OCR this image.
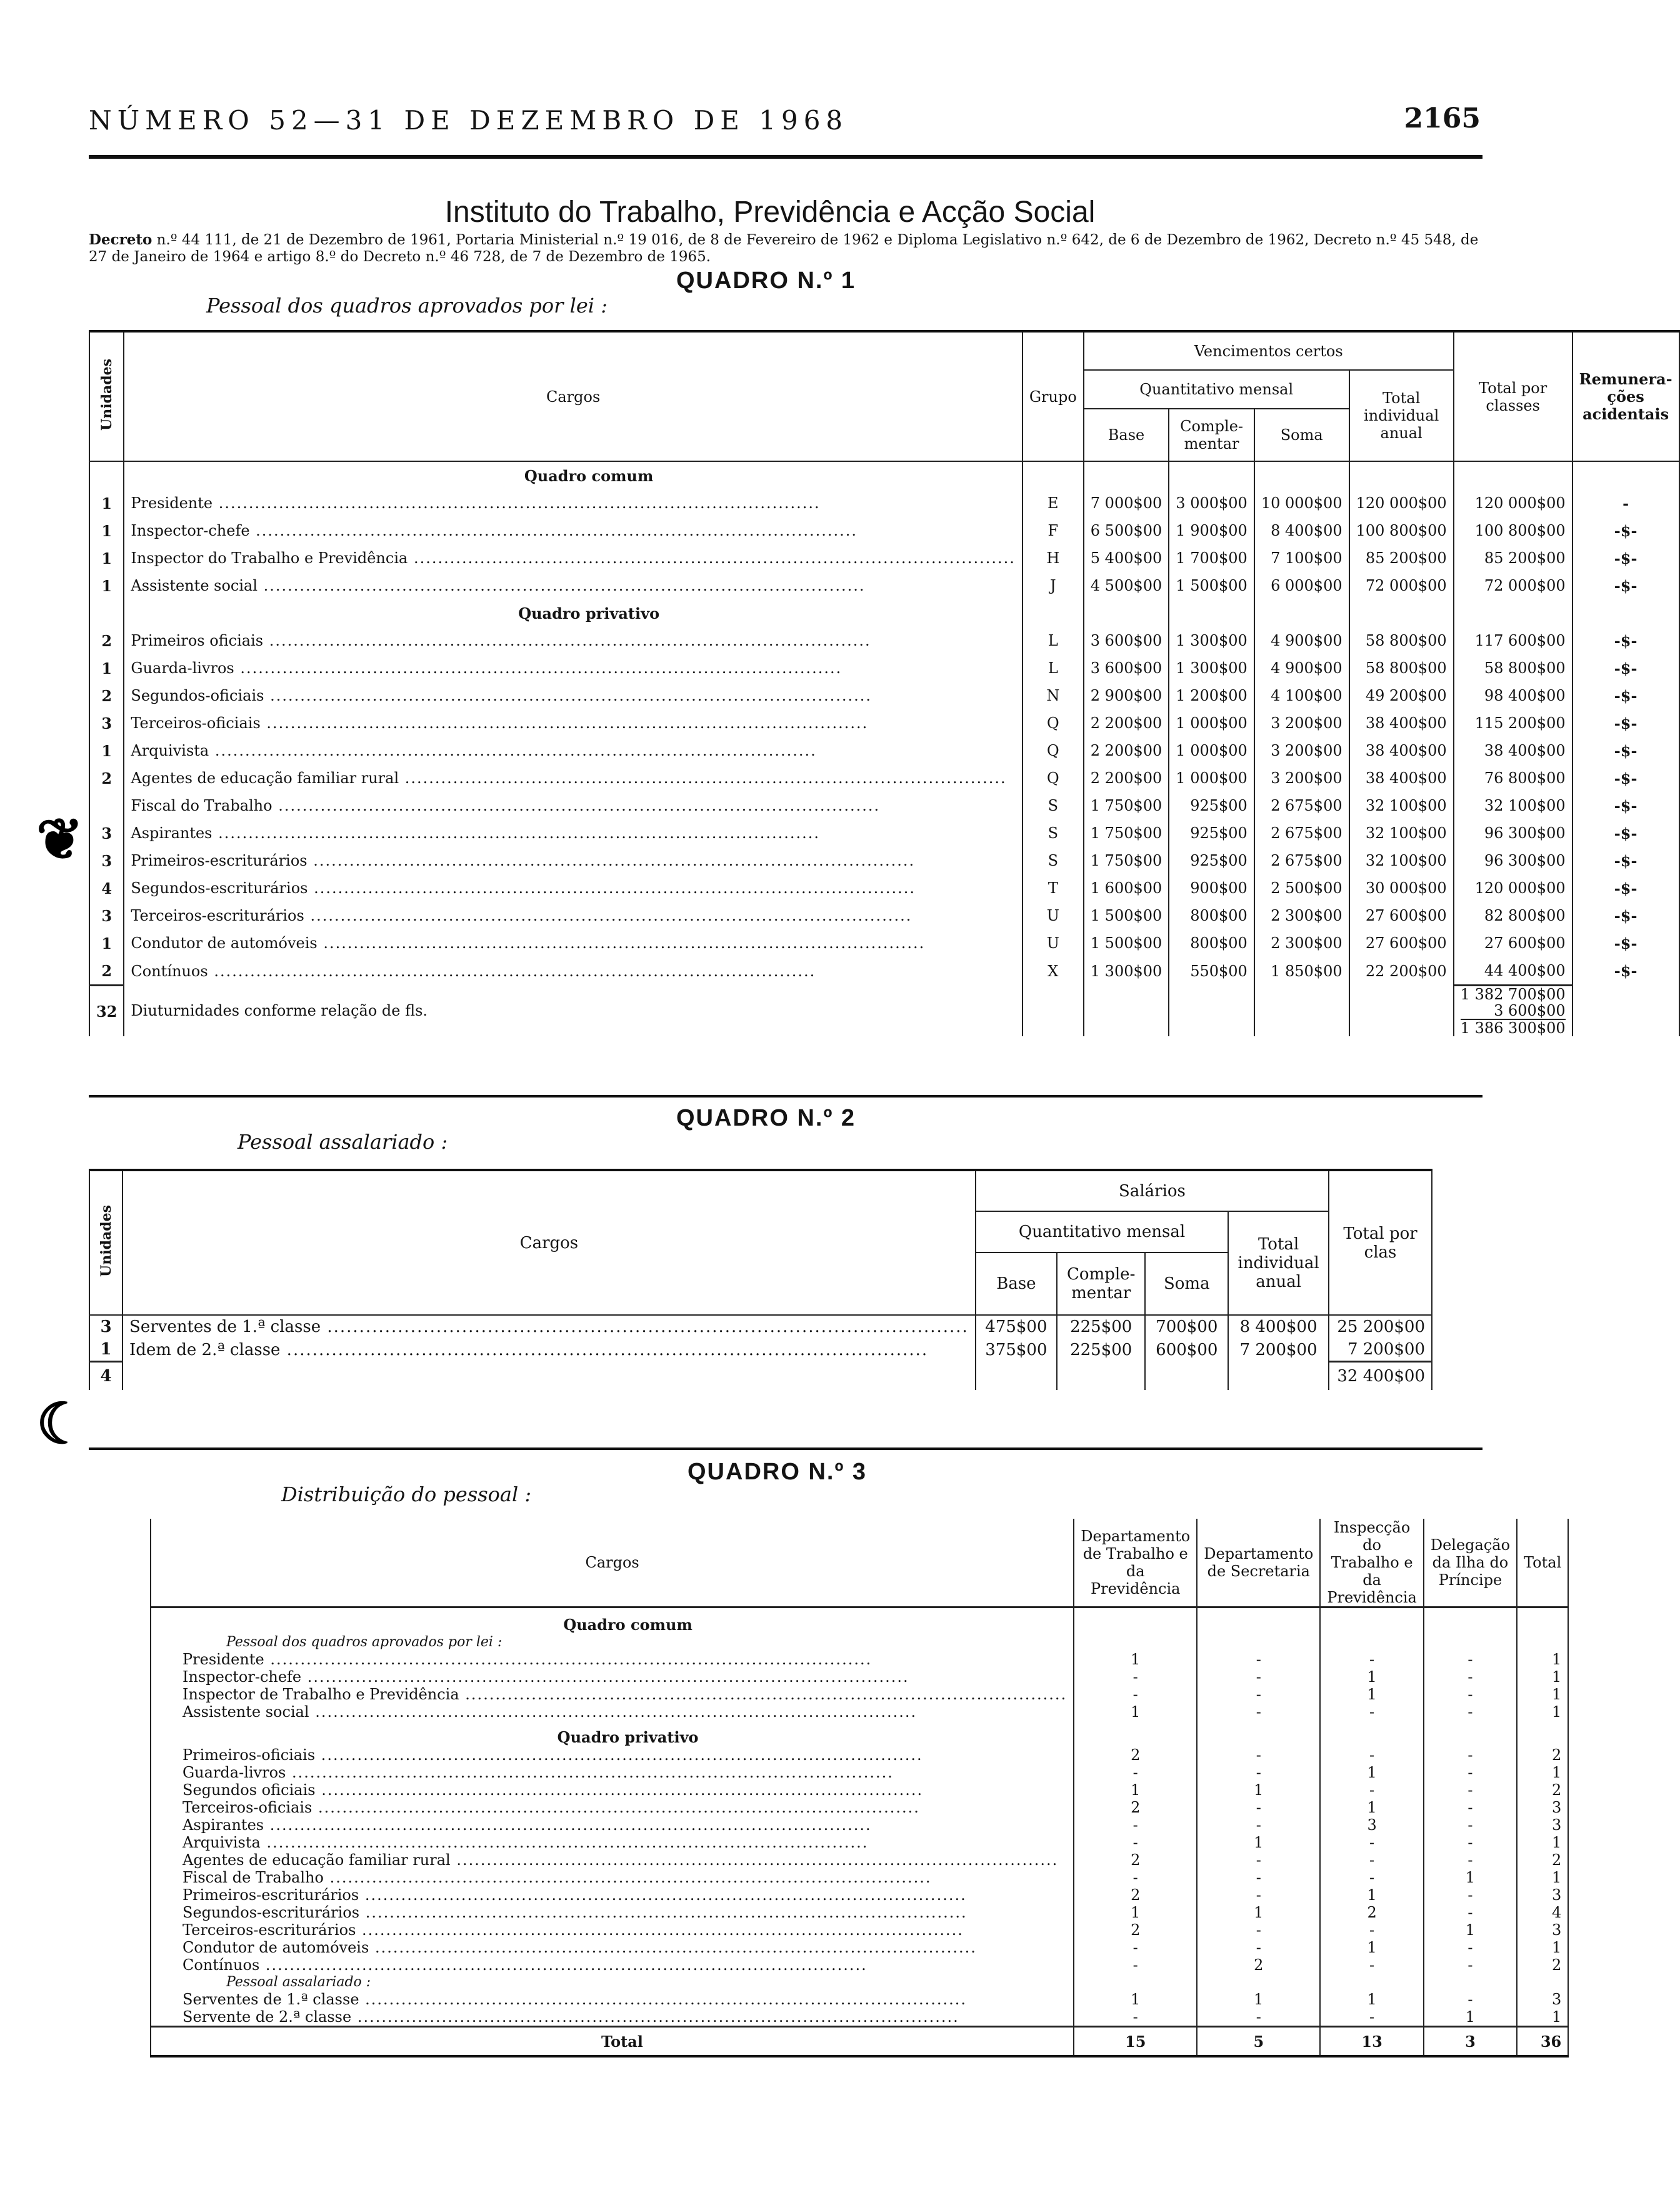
NÚMERO 52—31 DE DEZEMBRO DE 1968	2165
❦
☾
Instituto do Trabalho, Previdência e Acção Social
Decreto n.º 44 111, de 21 de Dezembro de 1961, Portaria Ministerial n.º 19 016, de 8 de Fevereiro de 1962 e Diploma Legislativo n.º 642, de 6 de Dezembro de 1962, Decreto n.º 45 548, de 27 de Janeiro de 1964 e artigo 8.º do Decreto n.º 46 728, de 7 de Dezembro de 1965.
QUADRO N.º 1
Pessoal dos quadros aprovados por lei :
Unidades	Cargos	Grupo	Vencimentos certos				Total por classes	Remunera-ções acidentais
			Quantitativo mensal			Total individual anual		
			Base	Comple-mentar	Soma			
	Quadro comum							
1	Presidente .....	E	7 000$00	3 000$00	10 000$00	120 000$00	120 000$00	-
1	Inspector-chefe .....	F	6 500$00	1 900$00	8 400$00	100 800$00	100 800$00	-$-
1	Inspector do Trabalho e Previdência .....	H	5 400$00	1 700$00	7 100$00	85 200$00	85 200$00	-$-
1	Assistente social .....	J	4 500$00	1 500$00	6 000$00	72 000$00	72 000$00	-$-
	Quadro privativo							
2	Primeiros oficiais .....	L	3 600$00	1 300$00	4 900$00	58 800$00	117 600$00	-$-
1	Guarda-livros .....	L	3 600$00	1 300$00	4 900$00	58 800$00	58 800$00	-$-
2	Segundos-oficiais .....	N	2 900$00	1 200$00	4 100$00	49 200$00	98 400$00	-$-
3	Terceiros-oficiais .....	Q	2 200$00	1 000$00	3 200$00	38 400$00	115 200$00	-$-
1	Arquivista .....	Q	2 200$00	1 000$00	3 200$00	38 400$00	38 400$00	-$-
2	Agentes de educação familiar rural .....	Q	2 200$00	1 000$00	3 200$00	38 400$00	76 800$00	-$-
	Fiscal do Trabalho .....	S	1 750$00	925$00	2 675$00	32 100$00	32 100$00	-$-
3	Aspirantes .....	S	1 750$00	925$00	2 675$00	32 100$00	96 300$00	-$-
3	Primeiros-escriturários .....	S	1 750$00	925$00	2 675$00	32 100$00	96 300$00	-$-
4	Segundos-escriturários .....	T	1 600$00	900$00	2 500$00	30 000$00	120 000$00	-$-
3	Terceiros-escriturários .....	U	1 500$00	800$00	2 300$00	27 600$00	82 800$00	-$-
1	Condutor de automóveis .....	U	1 500$00	800$00	2 300$00	27 600$00	27 600$00	-$-
2	Contínuos .....	X	1 300$00	550$00	1 850$00	22 200$00	44 400$00	-$-
32	Diuturnidades conforme relação de fls.						1 382 700$00
3 600$00
1 386 300$00	

QUADRO N.º 2
Pessoal assalariado :
Unidades	Cargos	Salários				Total por clas
		Quantitativo mensal			Total individual anual	
		Base	Comple-mentar	Soma		
3	Serventes de 1.ª classe .....	475$00	225$00	700$00	8 400$00	25 200$00
1	Idem de 2.ª classe .....	375$00	225$00	600$00	7 200$00	7 200$00
4						32 400$00
QUADRO N.º 3
Distribuição do pessoal :
Cargos	Departamento de Trabalho e da Previdência	Departamento de Secretaria	Inspecção do Trabalho e da Previdência	Delegação da Ilha do Príncipe	Total
Quadro comum					
Pessoal dos quadros aprovados por lei :					
Presidente .....	1	-	-	-	1
Inspector-chefe .....	-	-	1	-	1
Inspector de Trabalho e Previdência .....	-	-	1	-	1
Assistente social .....	1	-	-	-	1
Quadro privativo					
Primeiros-oficiais .....	2	-	-	-	2
Guarda-livros .....	-	-	1	-	1
Segundos oficiais .....	1	1	-	-	2
Terceiros-oficiais .....	2	-	1	-	3
Aspirantes .....	-	-	3	-	3
Arquivista .....	-	1	-	-	1
Agentes de educação familiar rural .....	2	-	-	-	2
Fiscal de Trabalho .....	-	-	-	1	1
Primeiros-escriturários .....	2	-	1	-	3
Segundos-escriturários .....	1	1	2	-	4
Terceiros-escriturários .....	2	-	-	1	3
Condutor de automóveis .....	-	-	1	-	1
Contínuos .....	-	2	-	-	2
Pessoal assalariado :					
Serventes de 1.ª classe .....	1	1	1	-	3
Servente de 2.ª classe .....	-	-	-	1	1
Total	15	5	13	3	36
